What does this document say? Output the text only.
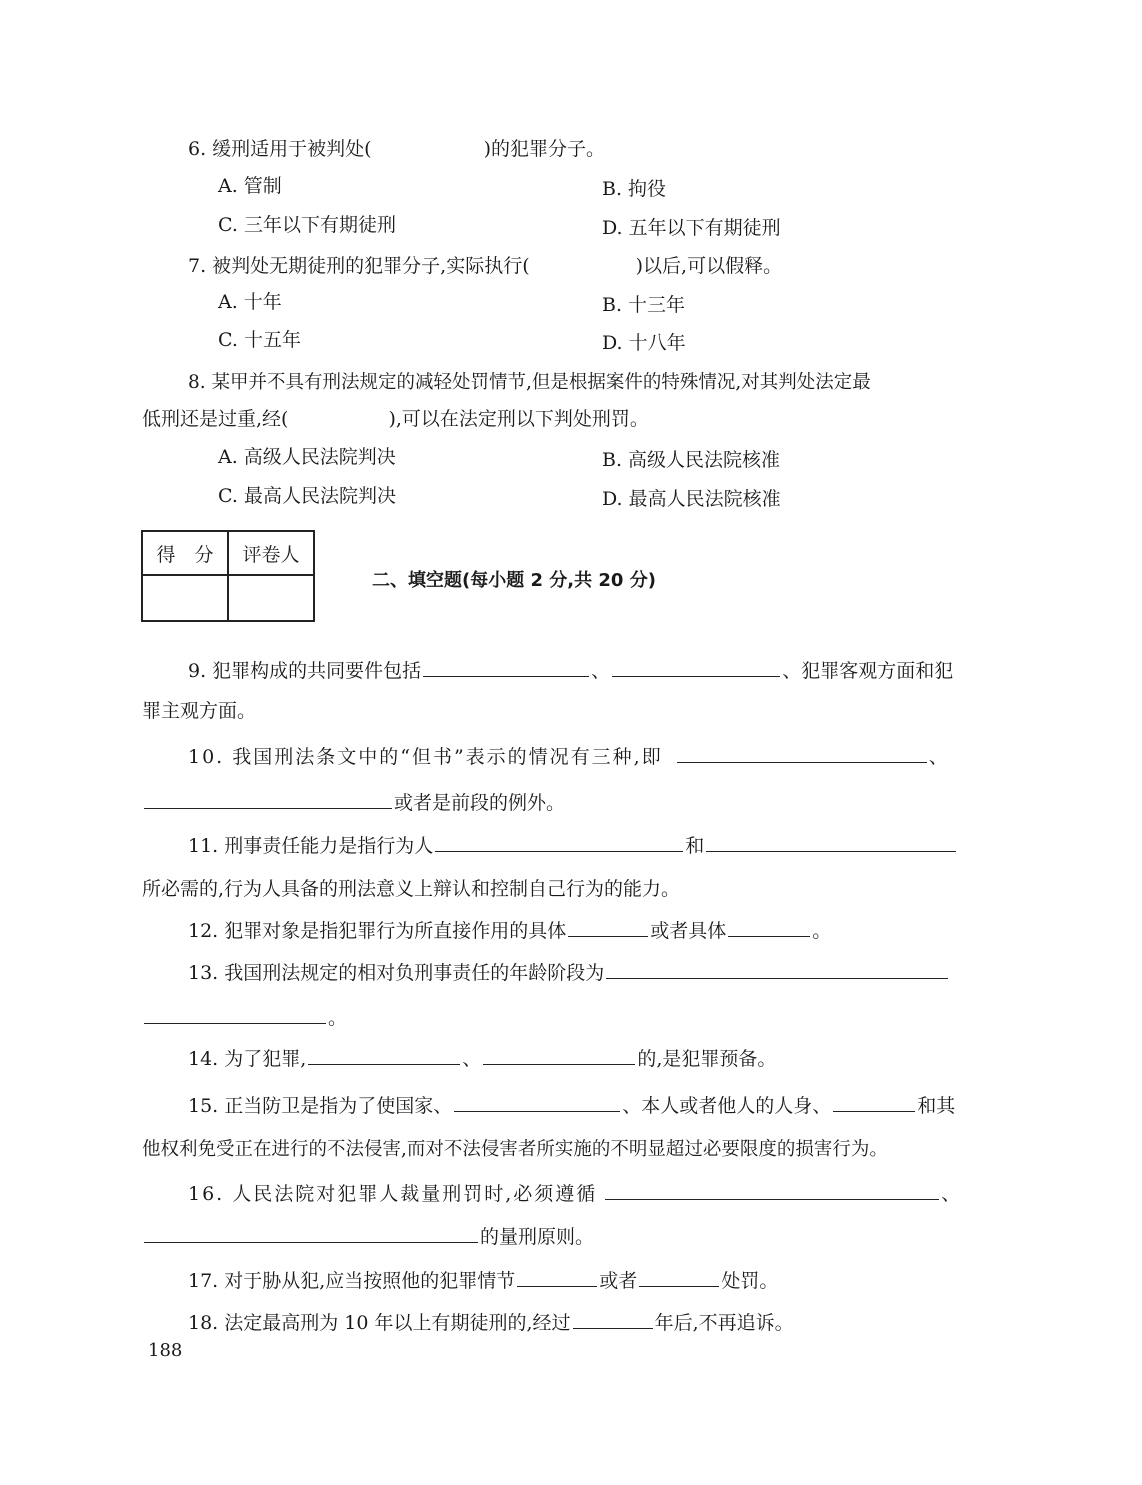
6. 缓刑适用于被判处(	)的犯罪分子。
A. 管制	B. 拘役
C. 三年以下有期徒刑	D. 五年以下有期徒刑
7. 被判处无期徒刑的犯罪分子,实际执行(	)以后,可以假释。
A. 十年	B. 十三年
C. 十五年	D. 十八年
8. 某甲并不具有刑法规定的减轻处罚情节,但是根据案件的特殊情况,对其判处法定最
低刑还是过重,经(	),可以在法定刑以下判处刑罚。
A. 高级人民法院判决	B. 高级人民法院核准
C. 最高人民法院判决	D. 最高人民法院核准
得　分	评卷人

二、填空题(每小题 2 分,共 20 分)
9. 犯罪构成的共同要件包括	、	、犯罪客观方面和犯
罪主观方面。
10. 我国刑法条文中的“但书”表示的情况有三种,即	、
或者是前段的例外。
11. 刑事责任能力是指行为人	和
所必需的,行为人具备的刑法意义上辩认和控制自己行为的能力。
12. 犯罪对象是指犯罪行为所直接作用的具体	或者具体	。
13. 我国刑法规定的相对负刑事责任的年龄阶段为
。
14. 为了犯罪,	、	的,是犯罪预备。
15. 正当防卫是指为了使国家、	、本人或者他人的人身、	和其
他权利免受正在进行的不法侵害,而对不法侵害者所实施的不明显超过必要限度的损害行为。
16. 人民法院对犯罪人裁量刑罚时,必须遵循	、
的量刑原则。
17. 对于胁从犯,应当按照他的犯罪情节	或者	处罚。
18. 法定最高刑为 10 年以上有期徒刑的,经过	年后,不再追诉。
188
